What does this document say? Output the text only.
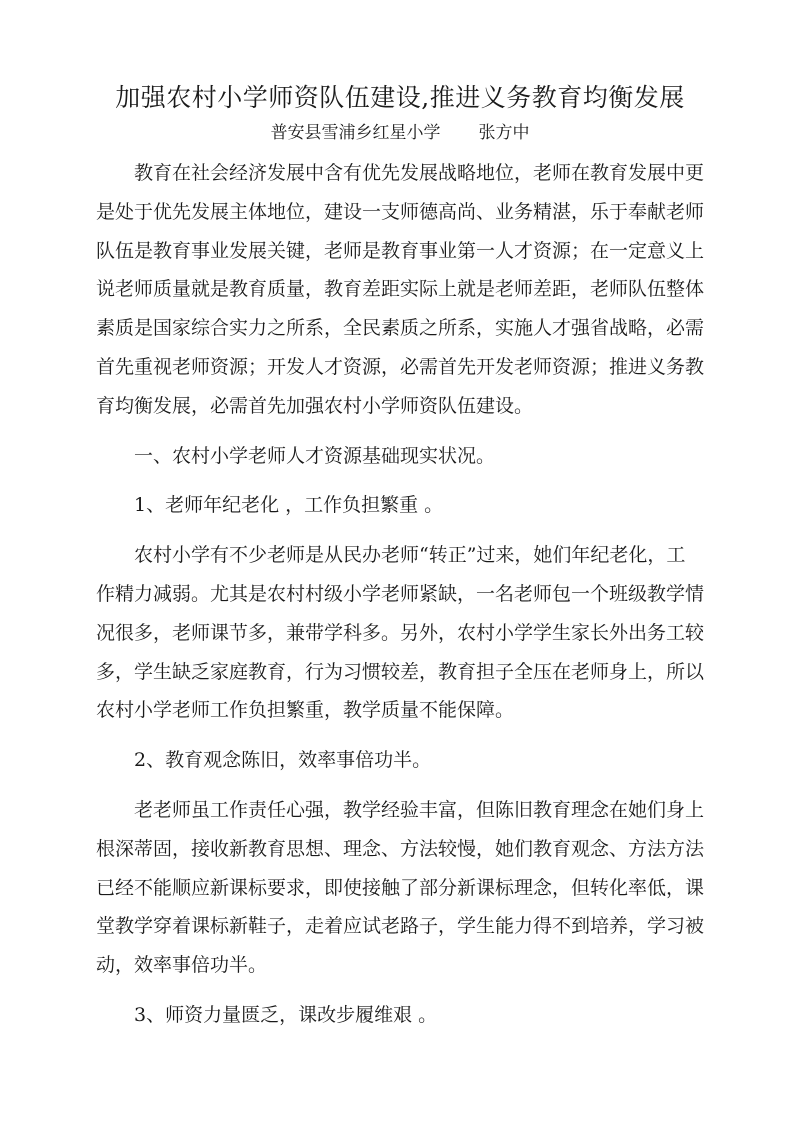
加强农村小学师资队伍建设,推进义务教育均衡发展
普安县雪浦乡红星小学 张方中
　　教育在社会经济发展中含有优先发展战略地位，老师在教育发展中更
是处于优先发展主体地位，建设一支师德高尚、业务精湛，乐于奉献老师
队伍是教育事业发展关键，老师是教育事业第一人才资源；在一定意义上
说老师质量就是教育质量，教育差距实际上就是老师差距，老师队伍整体
素质是国家综合实力之所系，全民素质之所系，实施人才强省战略，必需
首先重视老师资源；开发人才资源，必需首先开发老师资源；推进义务教
育均衡发展，必需首先加强农村小学师资队伍建设。
　　一、农村小学老师人才资源基础现实状况。
　　1、老师年纪老化 ，工作负担繁重 。
　　农村小学有不少老师是从民办老师“转正”过来，她们年纪老化，工
作精力减弱。尤其是农村村级小学老师紧缺，一名老师包一个班级教学情
况很多，老师课节多，兼带学科多。另外，农村小学学生家长外出务工较
多，学生缺乏家庭教育，行为习惯较差，教育担子全压在老师身上，所以
农村小学老师工作负担繁重，教学质量不能保障。
　　2、教育观念陈旧，效率事倍功半。
　　老老师虽工作责任心强，教学经验丰富，但陈旧教育理念在她们身上
根深蒂固，接收新教育思想、理念、方法较慢，她们教育观念、方法方法
已经不能顺应新课标要求，即使接触了部分新课标理念，但转化率低，课
堂教学穿着课标新鞋子，走着应试老路子，学生能力得不到培养，学习被
动，效率事倍功半。
　　3、师资力量匮乏，课改步履维艰 。
